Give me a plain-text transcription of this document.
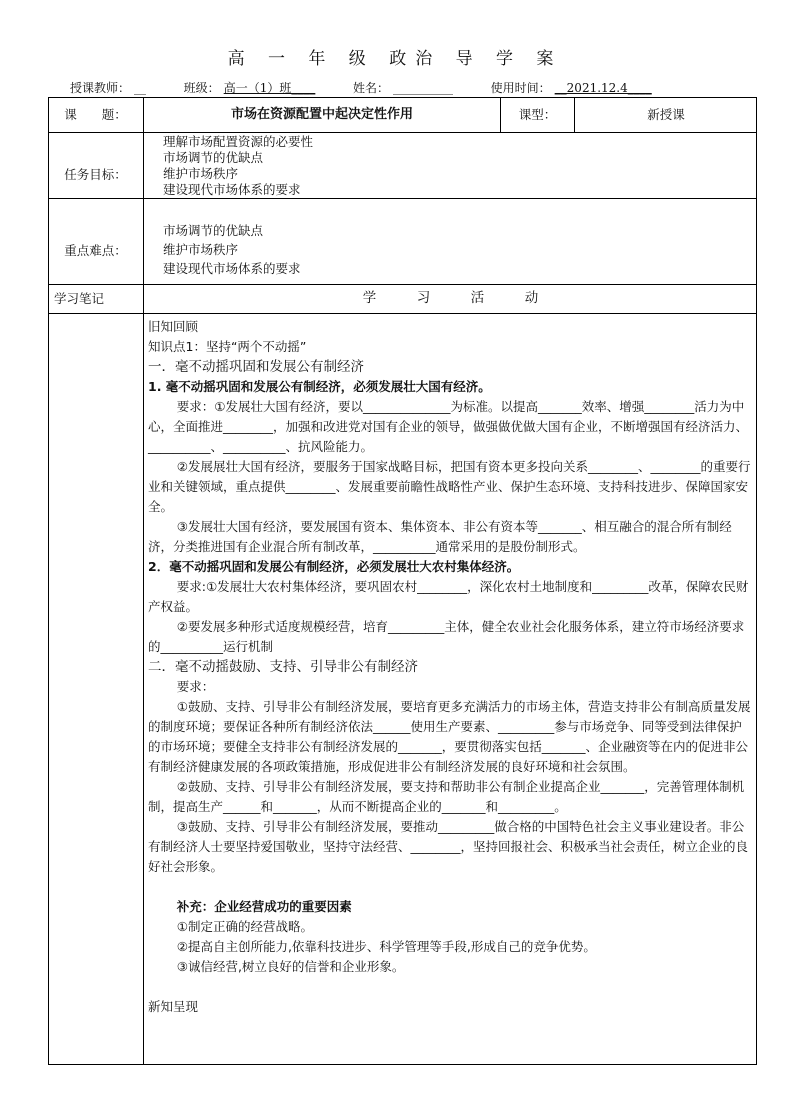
高 一 年 级 政治 导 学 案
授课教师： __	班级： 高一（1）班____	姓名： __________	使用时间： __2021.12.4____
课　　题：	市场在资源配置中起决定性作用	课型：	新授课
任务目标：
理解市场配置资源的必要性
市场调节的优缺点
维护市场秩序
建设现代市场体系的要求
重点难点：
市场调节的优缺点
维护市场秩序
建设现代市场体系的要求
学习笔记	学　　　习　　　活　　　动

旧知回顾

知识点1：坚持“两个不动摇”

一．毫不动摇巩固和发展公有制经济

1. 毫不动摇巩固和发展公有制经济，必须发展壮大国有经济。

要求：①发展壮大国有经济，要以______________为标准。以提高_______效率、增强________活力为中心，全面推进________，加强和改进党对国有企业的领导，做强做优做大国有企业，不断增强国有经济活力、__________、__________、抗风险能力。

②发展展壮大国有经济，要服务于国家战略目标，把国有资本更多投向关系________、________的重要行业和关键领域，重点提供________、发展重要前瞻性战略性产业、保护生态环境、支持科技进步、保障国家安全。

③发展壮大国有经济，要发展国有资本、集体资本、非公有资本等_______、相互融合的混合所有制经济，分类推进国有企业混合所有制改革，__________通常采用的是股份制形式。

2．毫不动摇巩固和发展公有制经济，必须发展壮大农村集体经济。

要求:①发展壮大农村集体经济，要巩固农村________，深化农村土地制度和_________改革，保障农民财产权益。

②要发展多种形式适度规模经营，培育_________主体，健全农业社会化服务体系，建立符市场经济要求的__________运行机制

二．毫不动摇鼓励、支持、引导非公有制经济

要求：

①鼓励、支持、引导非公有制经济发展，要培育更多充满活力的市场主体，营造支持非公有制高质量发展的制度环境；要保证各种所有制经济依法______使用生产要素、_________参与市场竞争、同等受到法律保护的市场环境；要健全支持非公有制经济发展的_______，要贯彻落实包括_______、企业融资等在内的促进非公有制经济健康发展的各项政策措施，形成促进非公有制经济发展的良好环境和社会氛围。

②鼓励、支持、引导非公有制经济发展，要支持和帮助非公有制企业提高企业_______，完善管理体制机制，提高生产______和_______，从而不断提高企业的_______和_________。

③鼓励、支持、引导非公有制经济发展，要推动_________做合格的中国特色社会主义事业建设者。非公有制经济人士要坚持爱国敬业，坚持守法经营、________，坚持回报社会、积极承当社会责任，树立企业的良好社会形象。

补充：企业经营成功的重要因素

①制定正确的经营战略。

②提高自主创所能力,依靠科技进步、科学管理等手段,形成自己的竞争优势。

③诚信经营,树立良好的信誉和企业形象。

新知呈现
